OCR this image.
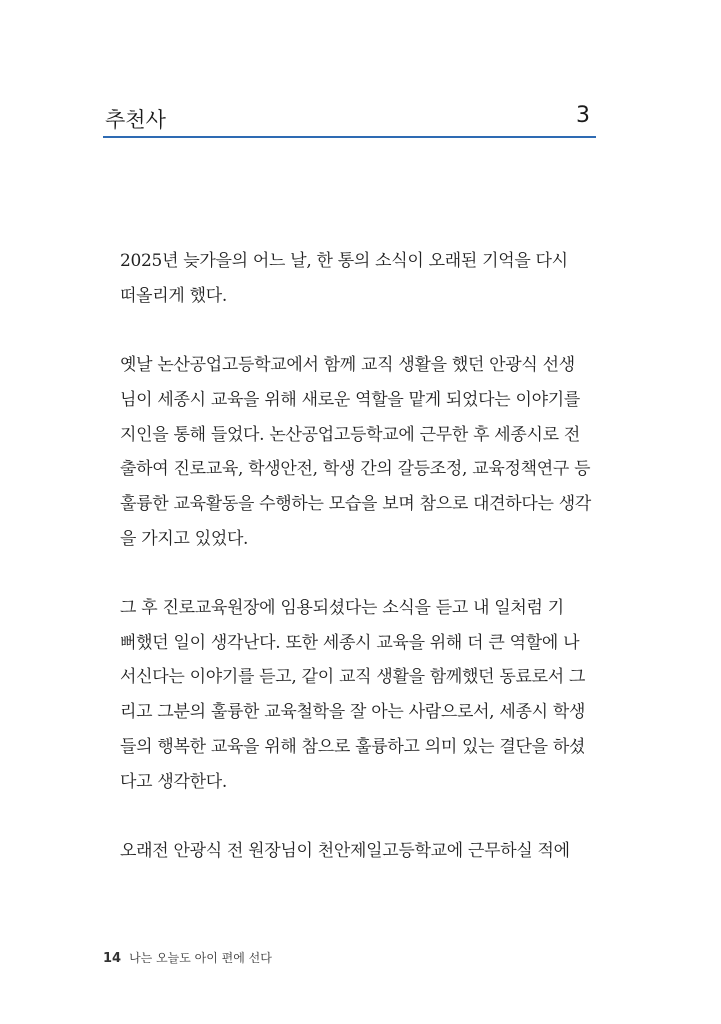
추천사	3

2025년 늦가을의 어느 날, 한 통의 소식이 오래된 기억을 다시
떠올리게 했다.

옛날 논산공업고등학교에서 함께 교직 생활을 했던 안광식 선생
님이 세종시 교육을 위해 새로운 역할을 맡게 되었다는 이야기를
지인을 통해 들었다. 논산공업고등학교에 근무한 후 세종시로 전
출하여 진로교육, 학생안전, 학생 간의 갈등조정, 교육정책연구 등
훌륭한 교육활동을 수행하는 모습을 보며 참으로 대견하다는 생각
을 가지고 있었다.

그 후 진로교육원장에 임용되셨다는 소식을 듣고 내 일처럼 기
뻐했던 일이 생각난다. 또한 세종시 교육을 위해 더 큰 역할에 나
서신다는 이야기를 듣고, 같이 교직 생활을 함께했던 동료로서 그
리고 그분의 훌륭한 교육철학을 잘 아는 사람으로서, 세종시 학생
들의 행복한 교육을 위해 참으로 훌륭하고 의미 있는 결단을 하셨
다고 생각한다.

오래전 안광식 전 원장님이 천안제일고등학교에 근무하실 적에

14 나는 오늘도 아이 편에 선다
